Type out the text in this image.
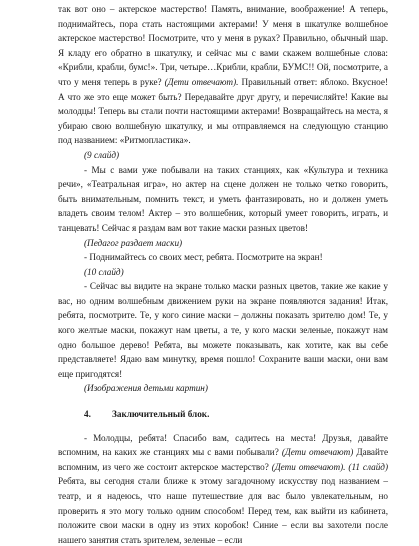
так вот оно – актерское мастерство! Память, внимание, воображение! А теперь, поднимайтесь, пора стать настоящими актерами! У меня в шкатулке волшебное актерское мастерство! Посмотрите, что у меня в руках? Правильно, обычный шар. Я кладу его обратно в шкатулку, и сейчас мы с вами скажем волшебные слова: «Крибли, крабли, бумс!». Три, четыре…Крибли, крабли, БУМС!! Ой, посмотрите, а что у меня теперь в руке? (Дети отвечают). Правильный ответ: яблоко. Вкусное! А что же это еще может быть? Передавайте друг другу, и перечисляйте! Какие вы молодцы! Теперь вы стали почти настоящими актерами! Возвращайтесь на места, я убираю свою волшебную шкатулку, и мы отправляемся на следующую станцию под названием: «Ритмопластика».

(9 слайд)

- Мы с вами уже побывали на таких станциях, как «Культура и техника речи», «Театральная игра», но актер на сцене должен не только четко говорить, быть внимательным, помнить текст, и уметь фантазировать, но и должен уметь владеть своим телом! Актер – это волшебник, который умеет говорить, играть, и танцевать! Сейчас я раздам вам вот такие маски разных цветов!

(Педагог раздает маски)

- Поднимайтесь со своих мест, ребята. Посмотрите на экран!

(10 слайд)

- Сейчас вы видите на экране только маски разных цветов, такие же какие у вас, но одним волшебным движением руки на экране появляются задания! Итак, ребята, посмотрите. Те, у кого синие маски – должны показать зрителю дом! Те, у кого желтые маски, покажут нам цветы, а те, у кого маски зеленые, покажут нам одно большое дерево! Ребята, вы можете показывать, как хотите, как вы себе представляете! Ядаю вам минутку, время пошло! Сохраните ваши маски, они вам еще пригодятся!

(Изображения детьми картин)

4. Заключительный блок.

- Молодцы, ребята! Спасибо вам, садитесь на места! Друзья, давайте вспомним, на каких же станциях мы с вами побывали? (Дети отвечают) Давайте вспомним, из чего же состоит актерское мастерство? (Дети отвечают). (11 слайд) Ребята, вы сегодня стали ближе к этому загадочному искусству под названием – театр, и я надеюсь, что наше путешествие для вас было увлекательным, но проверить я это могу только одним способом! Перед тем, как выйти из кабинета, положите свои маски в одну из этих коробок! Синие – если вы захотели после нашего занятия стать зрителем, зеленые – если
